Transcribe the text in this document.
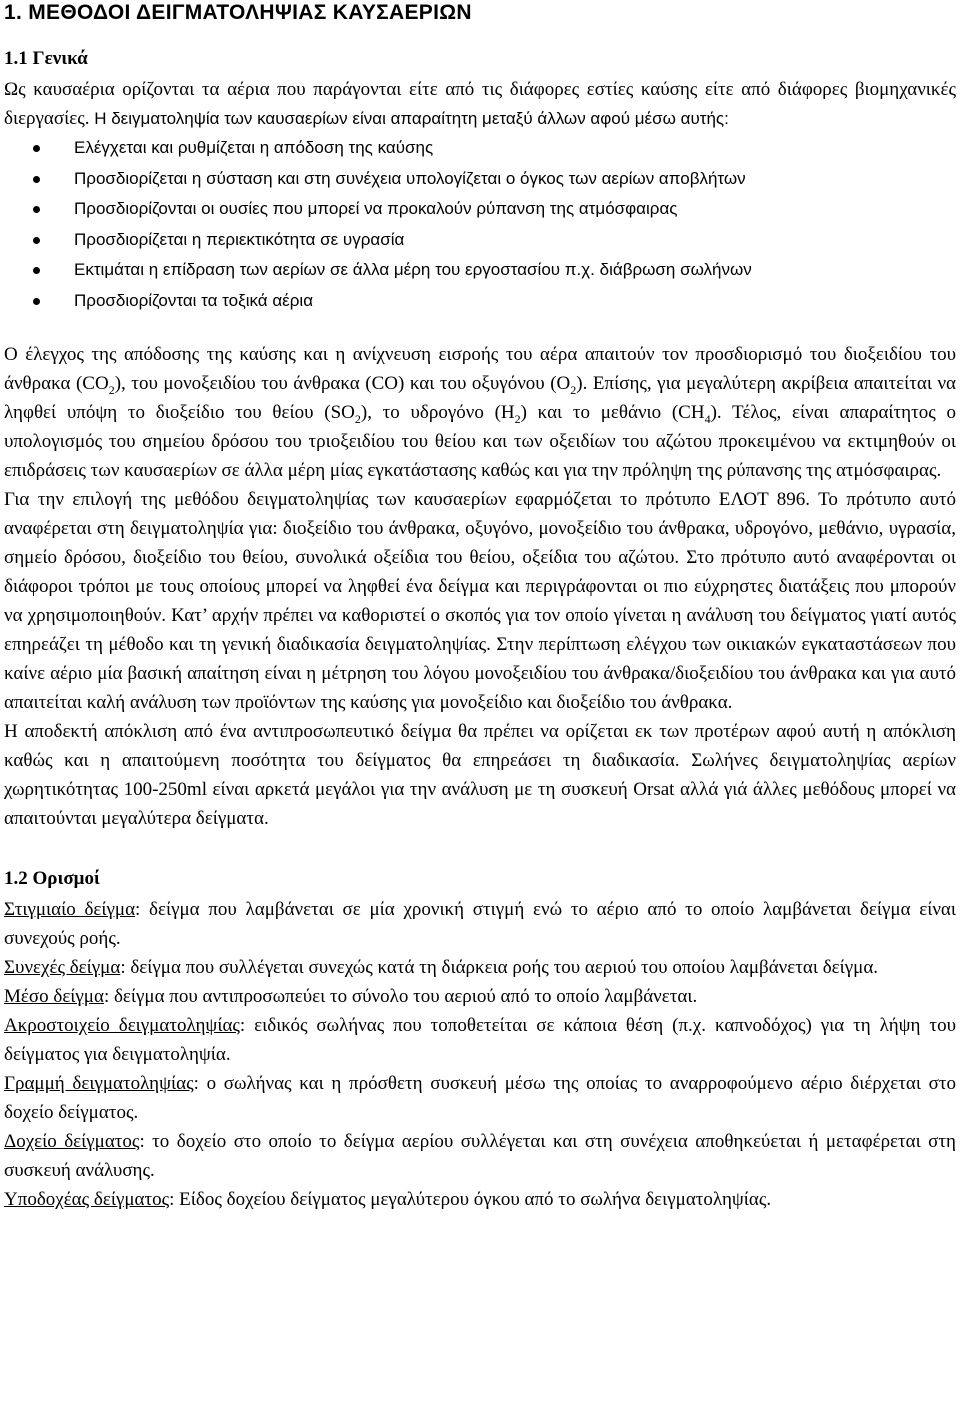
1. ΜΕΘΟΔΟΙ ΔΕΙΓΜΑΤΟΛΗΨΙΑΣ ΚΑΥΣΑΕΡΙΩΝ
1.1 Γενικά

Ως καυσαέρια ορίζονται τα αέρια που παράγονται είτε από τις διάφορες εστίες καύσης είτε από διάφορες βιομηχανικές διεργασίες. Η δειγματοληψία των καυσαερίων είναι απαραίτητη μεταξύ άλλων αφού μέσω αυτής:

Ελέγχεται και ρυθμίζεται η απόδοση της καύσης
Προσδιορίζεται η σύσταση και στη συνέχεια υπολογίζεται ο όγκος των αερίων αποβλήτων
Προσδιορίζονται οι ουσίες που μπορεί να προκαλούν ρύπανση της ατμόσφαιρας
Προσδιορίζεται η περιεκτικότητα σε υγρασία
Εκτιμάται η επίδραση των αερίων σε άλλα μέρη του εργοστασίου π.χ. διάβρωση σωλήνων
Προσδιορίζονται τα τοξικά αέρια

Ο έλεγχος της απόδοσης της καύσης και η ανίχνευση εισροής του αέρα απαιτούν τον προσδιορισμό του διοξειδίου του άνθρακα $(CO_2)$, του μονοξειδίου του άνθρακα (CO) και του οξυγόνου $(O_2)$. Επίσης, για μεγαλύτερη ακρίβεια απαιτείται να ληφθεί υπόψη το διοξείδιο του θείου $(SO_2)$, το υδρογόνο $(H_2)$ και το μεθάνιο $(CH_4)$. Τέλος, είναι απαραίτητος ο υπολογισμός του σημείου δρόσου του τριοξειδίου του θείου και των οξειδίων του αζώτου προκειμένου να εκτιμηθούν οι επιδράσεις των καυσαερίων σε άλλα μέρη μίας εγκατάστασης καθώς και για την πρόληψη της ρύπανσης της ατμόσφαιρας.

Για την επιλογή της μεθόδου δειγματοληψίας των καυσαερίων εφαρμόζεται το πρότυπο ΕΛΟΤ 896. Το πρότυπο αυτό αναφέρεται στη δειγματοληψία για: διοξείδιο του άνθρακα, οξυγόνο, μονοξείδιο του άνθρακα, υδρογόνο, μεθάνιο, υγρασία, σημείο δρόσου, διοξείδιο του θείου, συνολικά οξείδια του θείου, οξείδια του αζώτου. Στο πρότυπο αυτό αναφέρονται οι διάφοροι τρόποι με τους οποίους μπορεί να ληφθεί ένα δείγμα και περιγράφονται οι πιο εύχρηστες διατάξεις που μπορούν να χρησιμοποιηθούν. Κατ’ αρχήν πρέπει να καθοριστεί ο σκοπός για τον οποίο γίνεται η ανάλυση του δείγματος γιατί αυτός επηρεάζει τη μέθοδο και τη γενική διαδικασία δειγματοληψίας. Στην περίπτωση ελέγχου των οικιακών εγκαταστάσεων που καίνε αέριο μία βασική απαίτηση είναι η μέτρηση του λόγου μονοξειδίου του άνθρακα/διοξειδίου του άνθρακα και για αυτό απαιτείται καλή ανάλυση των προϊόντων της καύσης για μονοξείδιο και διοξείδιο του άνθρακα.

Η αποδεκτή απόκλιση από ένα αντιπροσωπευτικό δείγμα θα πρέπει να ορίζεται εκ των προτέρων αφού αυτή η απόκλιση καθώς και η απαιτούμενη ποσότητα του δείγματος θα επηρεάσει τη διαδικασία. Σωλήνες δειγματοληψίας αερίων χωρητικότητας 100-250ml είναι αρκετά μεγάλοι για την ανάλυση με τη συσκευή Orsat αλλά γιά άλλες μεθόδους μπορεί να απαιτούνται μεγαλύτερα δείγματα.

1.2 Ορισμοί

Στιγμιαίο δείγμα: δείγμα που λαμβάνεται σε μία χρονική στιγμή ενώ το αέριο από το οποίο λαμβάνεται δείγμα είναι συνεχούς ροής.

Συνεχές δείγμα: δείγμα που συλλέγεται συνεχώς κατά τη διάρκεια ροής του αεριού του οποίου λαμβάνεται δείγμα.

Μέσο δείγμα: δείγμα που αντιπροσωπεύει το σύνολο του αεριού από το οποίο λαμβάνεται.

Ακροστοιχείο δειγματοληψίας: ειδικός σωλήνας που τοποθετείται σε κάποια θέση (π.χ. καπνοδόχος) για τη λήψη του δείγματος για δειγματοληψία.

Γραμμή δειγματοληψίας: ο σωλήνας και η πρόσθετη συσκευή μέσω της οποίας το αναρροφούμενο αέριο διέρχεται στο δοχείο δείγματος.

Δοχείο δείγματος: το δοχείο στο οποίο το δείγμα αερίου συλλέγεται και στη συνέχεια αποθηκεύεται ή μεταφέρεται στη συσκευή ανάλυσης.

Υποδοχέας δείγματος: Είδος δοχείου δείγματος μεγαλύτερου όγκου από το σωλήνα δειγματοληψίας.
